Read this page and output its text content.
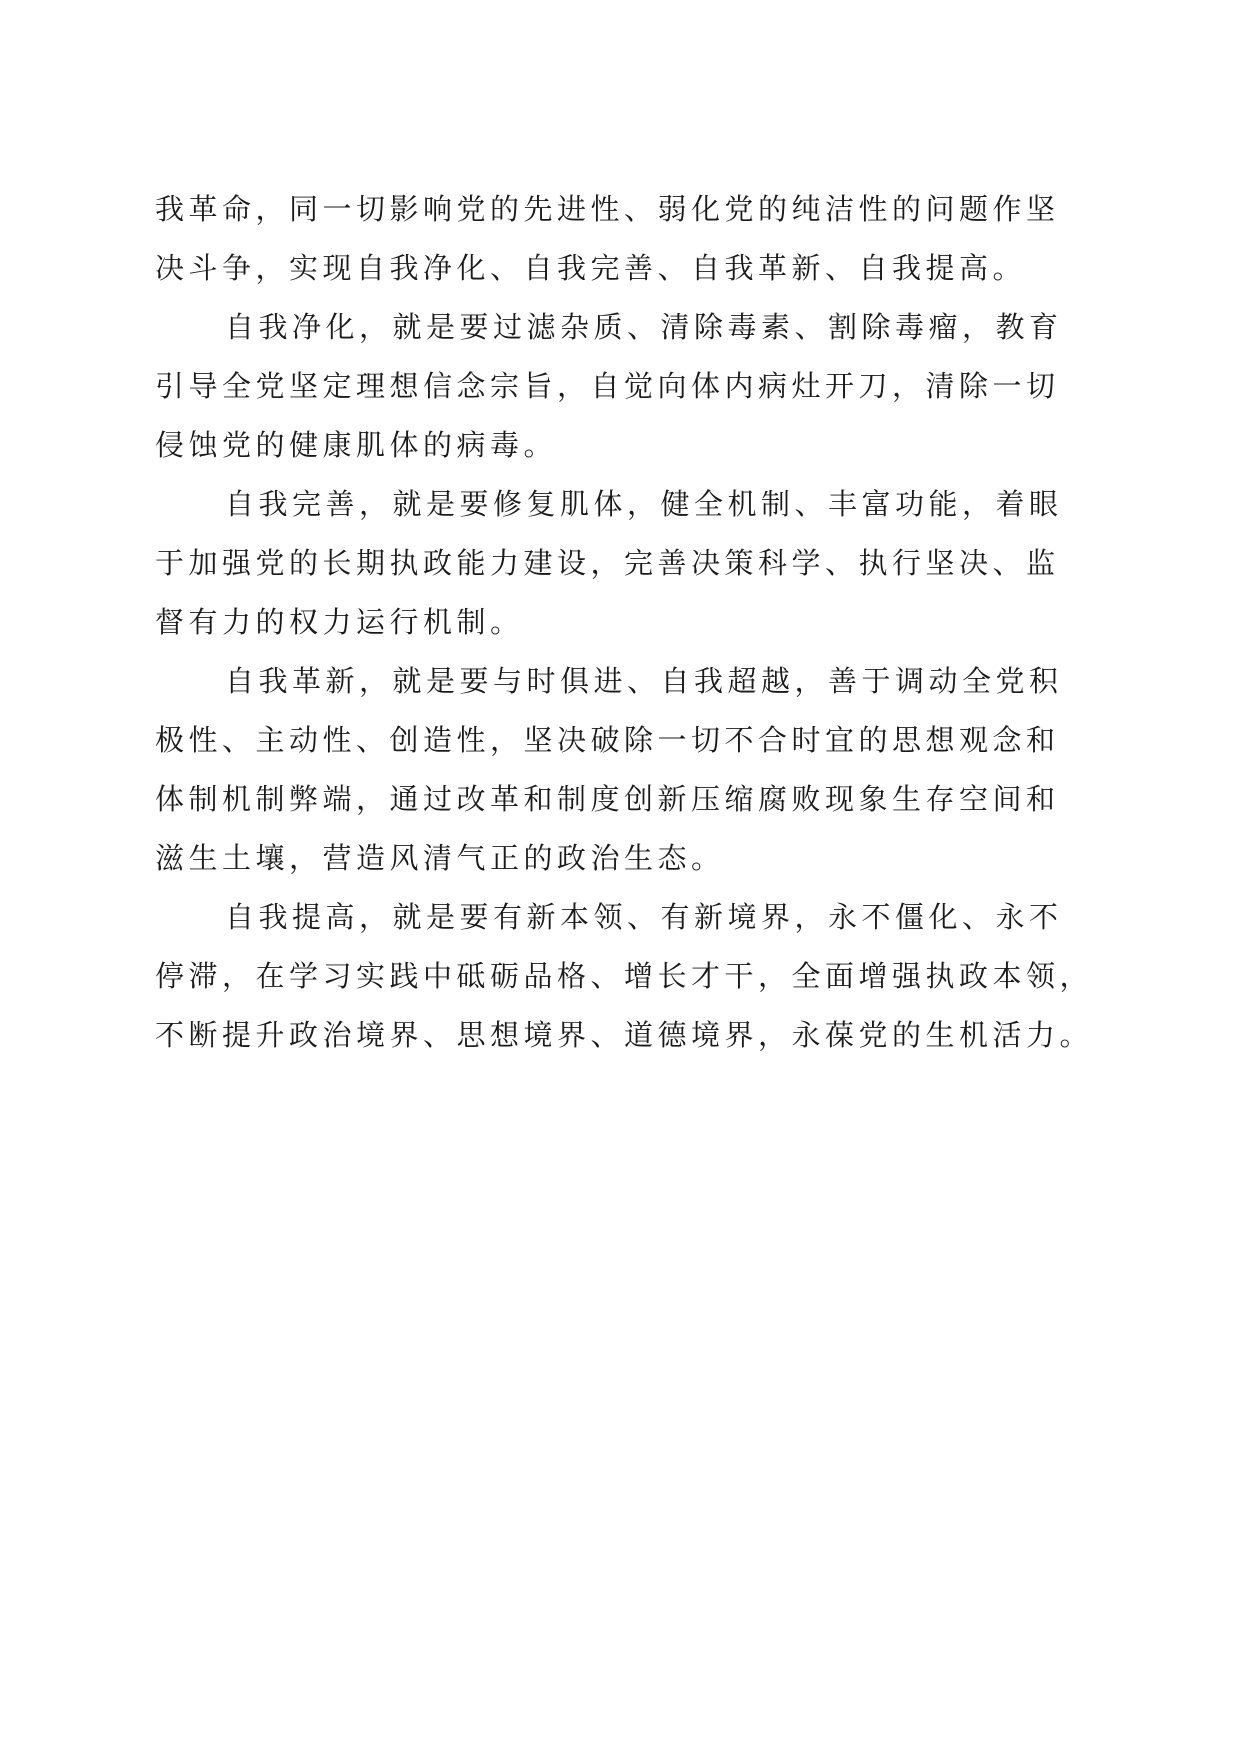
我革命，同一切影响党的先进性、弱化党的纯洁性的问题作坚
决斗争，实现自我净化、自我完善、自我革新、自我提高。
自我净化，就是要过滤杂质、清除毒素、割除毒瘤，教育
引导全党坚定理想信念宗旨，自觉向体内病灶开刀，清除一切
侵蚀党的健康肌体的病毒。
自我完善，就是要修复肌体，健全机制、丰富功能，着眼
于加强党的长期执政能力建设，完善决策科学、执行坚决、监
督有力的权力运行机制。
自我革新，就是要与时俱进、自我超越，善于调动全党积
极性、主动性、创造性，坚决破除一切不合时宜的思想观念和
体制机制弊端，通过改革和制度创新压缩腐败现象生存空间和
滋生土壤，营造风清气正的政治生态。
自我提高，就是要有新本领、有新境界，永不僵化、永不
停滞，在学习实践中砥砺品格、增长才干，全面增强执政本领，
不断提升政治境界、思想境界、道德境界，永葆党的生机活力。
